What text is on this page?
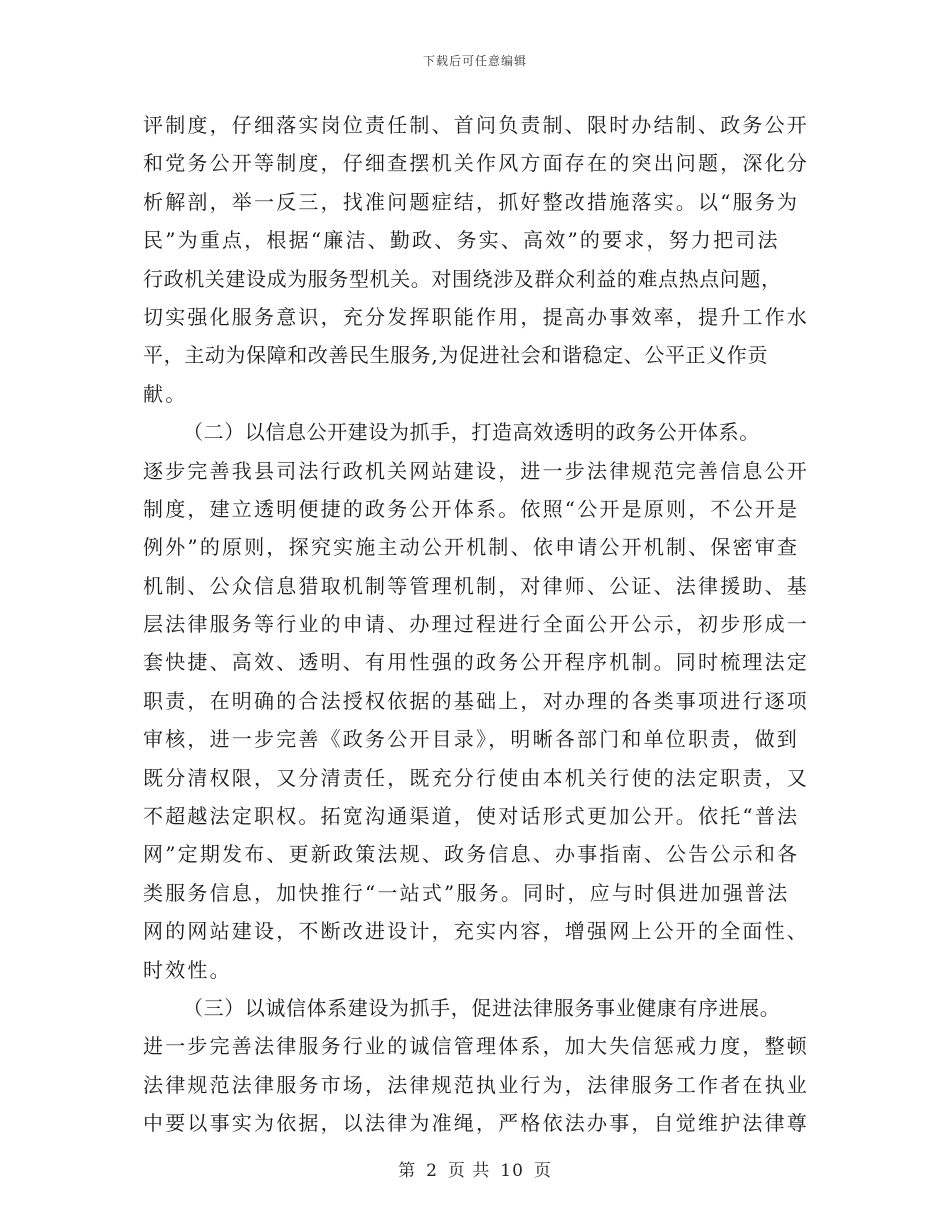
下载后可任意编辑
评制度，仔细落实岗位责任制、首问负责制、限时办结制、政务公开
和党务公开等制度，仔细查摆机关作风方面存在的突出问题，深化分
析解剖，举一反三，找准问题症结，抓好整改措施落实。以“服务为
民”为重点，根据“廉洁、勤政、务实、高效”的要求，努力把司法
行政机关建设成为服务型机关。对围绕涉及群众利益的难点热点问题，
切实强化服务意识，充分发挥职能作用，提高办事效率，提升工作水
平，主动为保障和改善民生服务,为促进社会和谐稳定、公平正义作贡
献。
（二）以信息公开建设为抓手，打造高效透明的政务公开体系。
逐步完善我县司法行政机关网站建设，进一步法律规范完善信息公开
制度，建立透明便捷的政务公开体系。依照“公开是原则，不公开是
例外”的原则，探究实施主动公开机制、依申请公开机制、保密审查
机制、公众信息猎取机制等管理机制，对律师、公证、法律援助、基
层法律服务等行业的申请、办理过程进行全面公开公示，初步形成一
套快捷、高效、透明、有用性强的政务公开程序机制。同时梳理法定
职责，在明确的合法授权依据的基础上，对办理的各类事项进行逐项
审核，进一步完善《政务公开目录》，明晰各部门和单位职责，做到
既分清权限，又分清责任，既充分行使由本机关行使的法定职责，又
不超越法定职权。拓宽沟通渠道，使对话形式更加公开。依托“普法
网”定期发布、更新政策法规、政务信息、办事指南、公告公示和各
类服务信息，加快推行“一站式”服务。同时，应与时俱进加强普法
网的网站建设，不断改进设计，充实内容，增强网上公开的全面性、
时效性。
（三）以诚信体系建设为抓手，促进法律服务事业健康有序进展。
进一步完善法律服务行业的诚信管理体系，加大失信惩戒力度，整顿
法律规范法律服务市场，法律规范执业行为，法律服务工作者在执业
中要以事实为依据，以法律为准绳，严格依法办事，自觉维护法律尊
第 2 页 共 10 页
